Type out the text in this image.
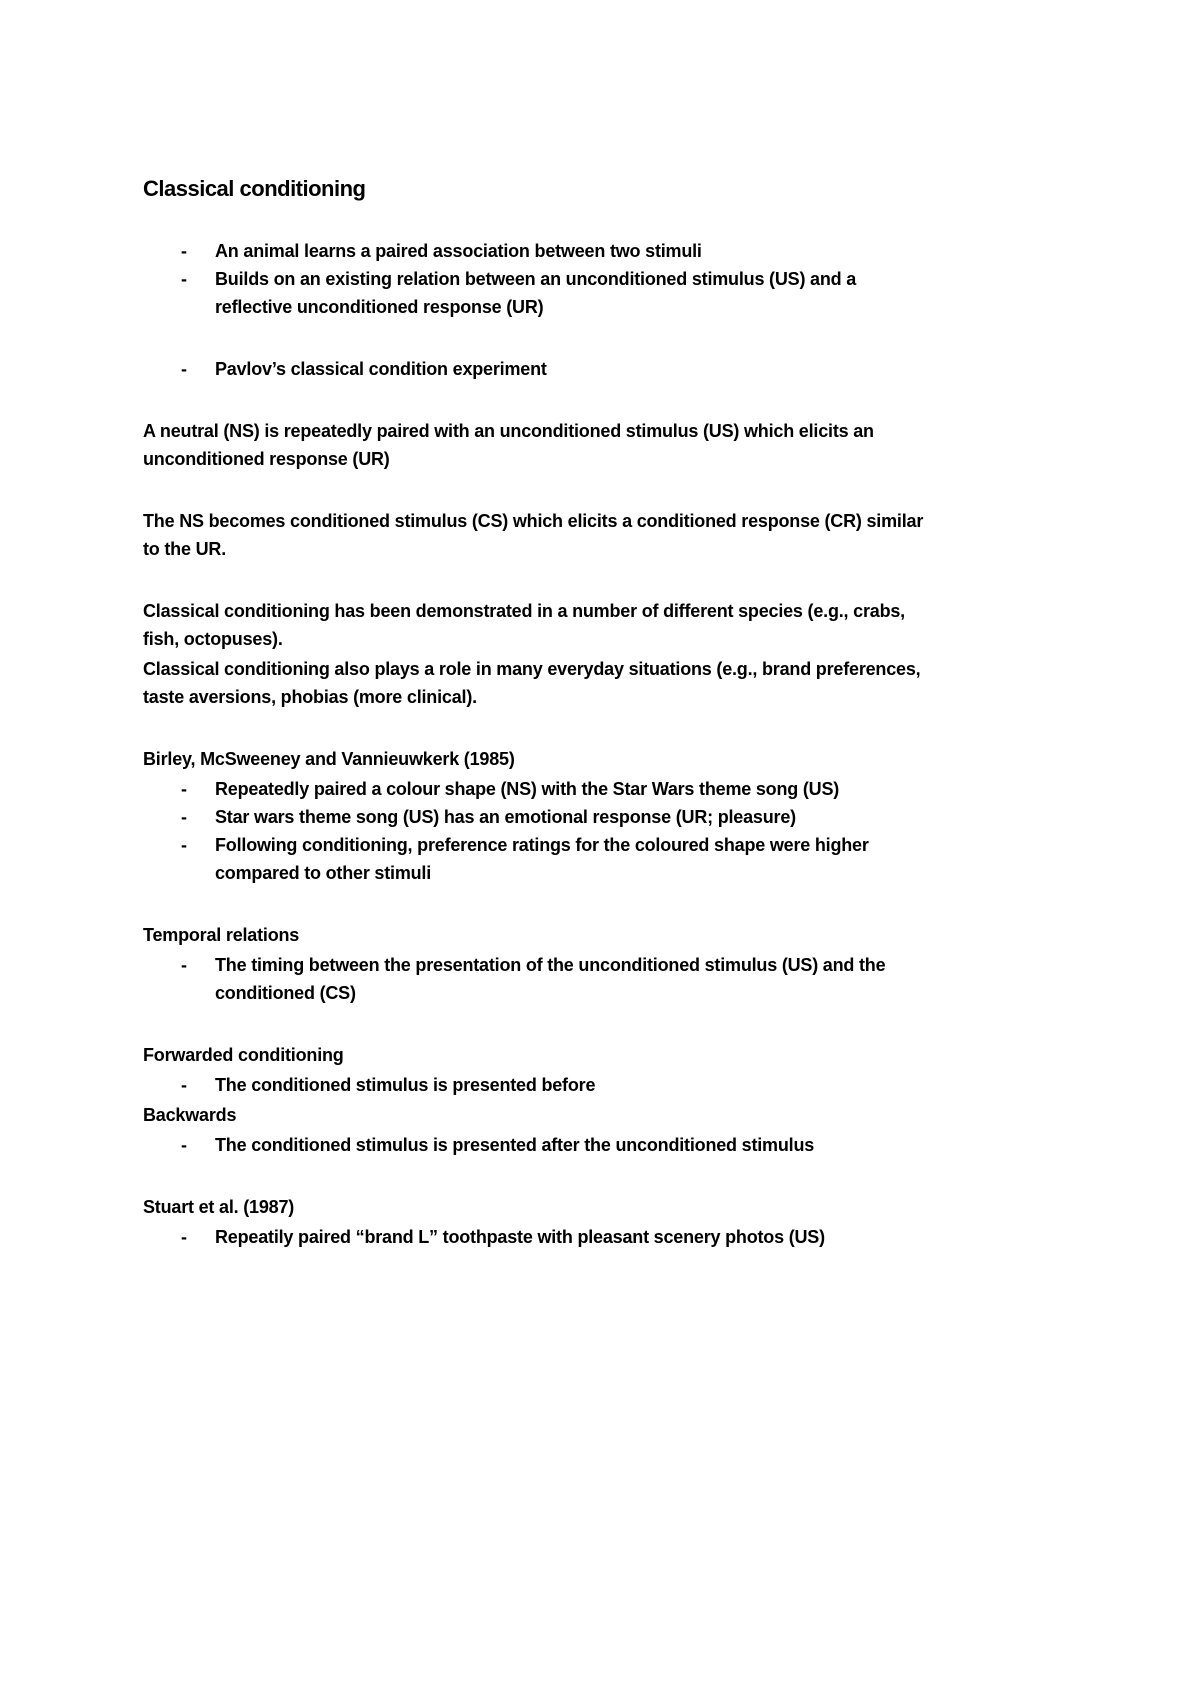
Classical conditioning
- An animal learns a paired association between two stimuli
- Builds on an existing relation between an unconditioned stimulus (US) and a
reflective unconditioned response (UR)
- Pavlov’s classical condition experiment
A neutral (NS) is repeatedly paired with an unconditioned stimulus (US) which elicits an
unconditioned response (UR)
The NS becomes conditioned stimulus (CS) which elicits a conditioned response (CR) similar
to the UR.
Classical conditioning has been demonstrated in a number of different species (e.g., crabs,
fish, octopuses).
Classical conditioning also plays a role in many everyday situations (e.g., brand preferences,
taste aversions, phobias (more clinical).
Birley, McSweeney and Vannieuwkerk (1985)
- Repeatedly paired a colour shape (NS) with the Star Wars theme song (US)
- Star wars theme song (US) has an emotional response (UR; pleasure)
- Following conditioning, preference ratings for the coloured shape were higher
compared to other stimuli
Temporal relations
- The timing between the presentation of the unconditioned stimulus (US) and the
conditioned (CS)
Forwarded conditioning
- The conditioned stimulus is presented before
Backwards
- The conditioned stimulus is presented after the unconditioned stimulus
Stuart et al. (1987)
- Repeatily paired “brand L” toothpaste with pleasant scenery photos (US)
